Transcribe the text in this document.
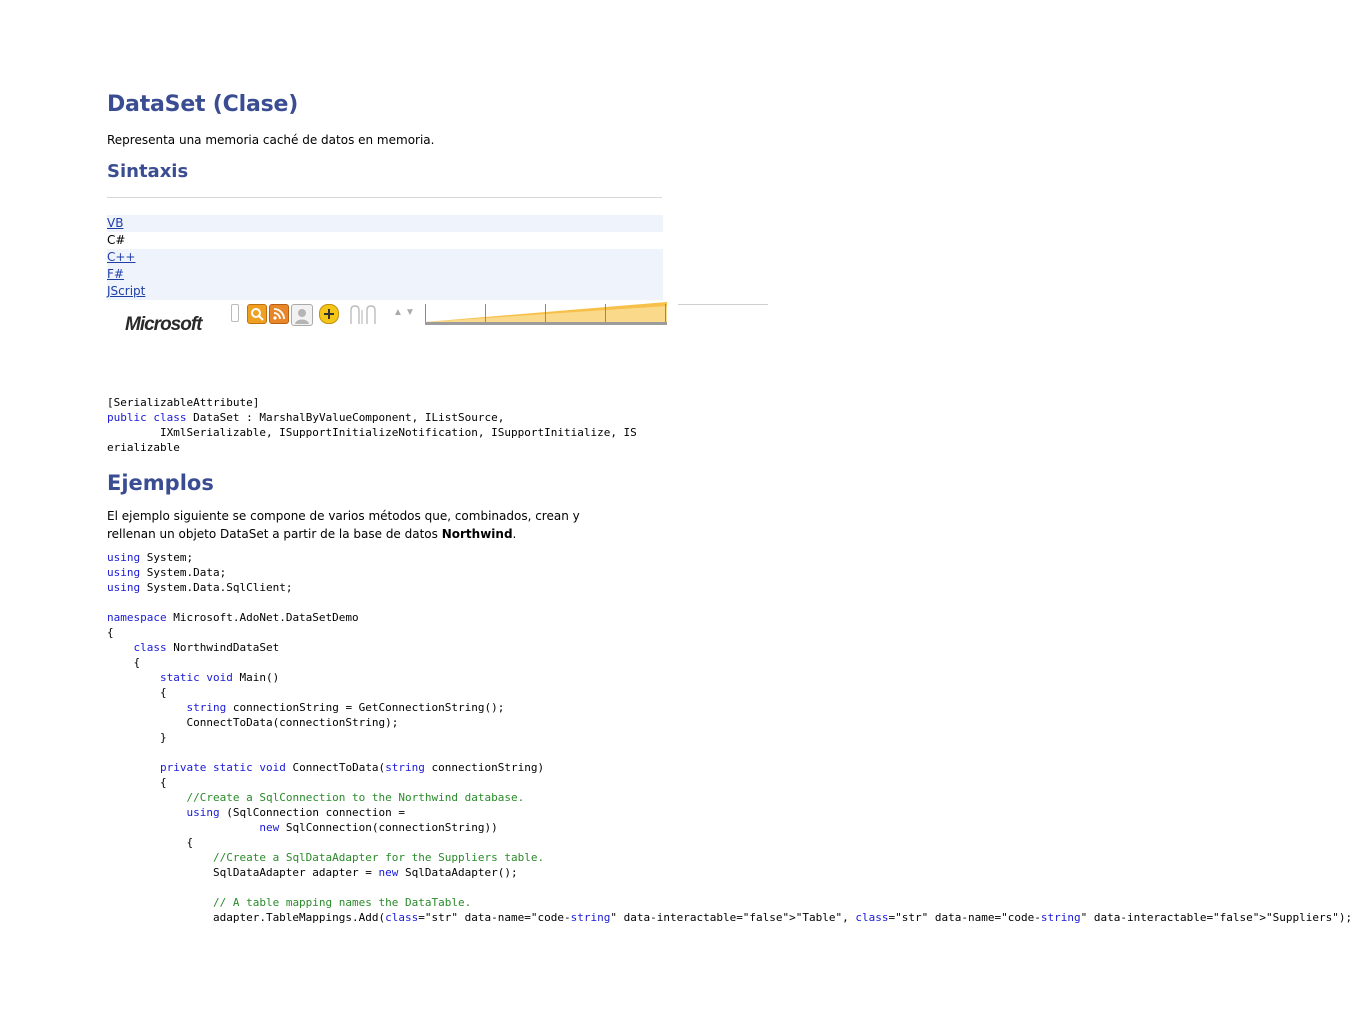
DataSet (Clase)
Representa una memoria caché de datos en memoria.
Sintaxis
VB
C#
C++
F#
JScript
Microsoft
▲ ▼
[SerializableAttribute]
public class DataSet : MarshalByValueComponent, IListSource,
IXmlSerializable, ISupportInitializeNotification, ISupportInitialize, IS
erializable
Ejemplos
El ejemplo siguiente se compone de varios métodos que, combinados, crean y rellenan un objeto DataSet a partir de la base de datos Northwind.
using System;
using System.Data;
using System.Data.SqlClient;

namespace Microsoft.AdoNet.DataSetDemo
{
class NorthwindDataSet
{
static void Main()
{
string connectionString = GetConnectionString();
ConnectToData(connectionString);
}

private static void ConnectToData(string connectionString)
{
//Create a SqlConnection to the Northwind database.
using (SqlConnection connection =
new SqlConnection(connectionString))
{
//Create a SqlDataAdapter for the Suppliers table.
SqlDataAdapter adapter = new SqlDataAdapter();

// A table mapping names the DataTable.
adapter.TableMappings.Add(class="str" data-name="code-string" data-interactable="false">"Table", class="str" data-name="code-string" data-interactable="false">"Suppliers");
